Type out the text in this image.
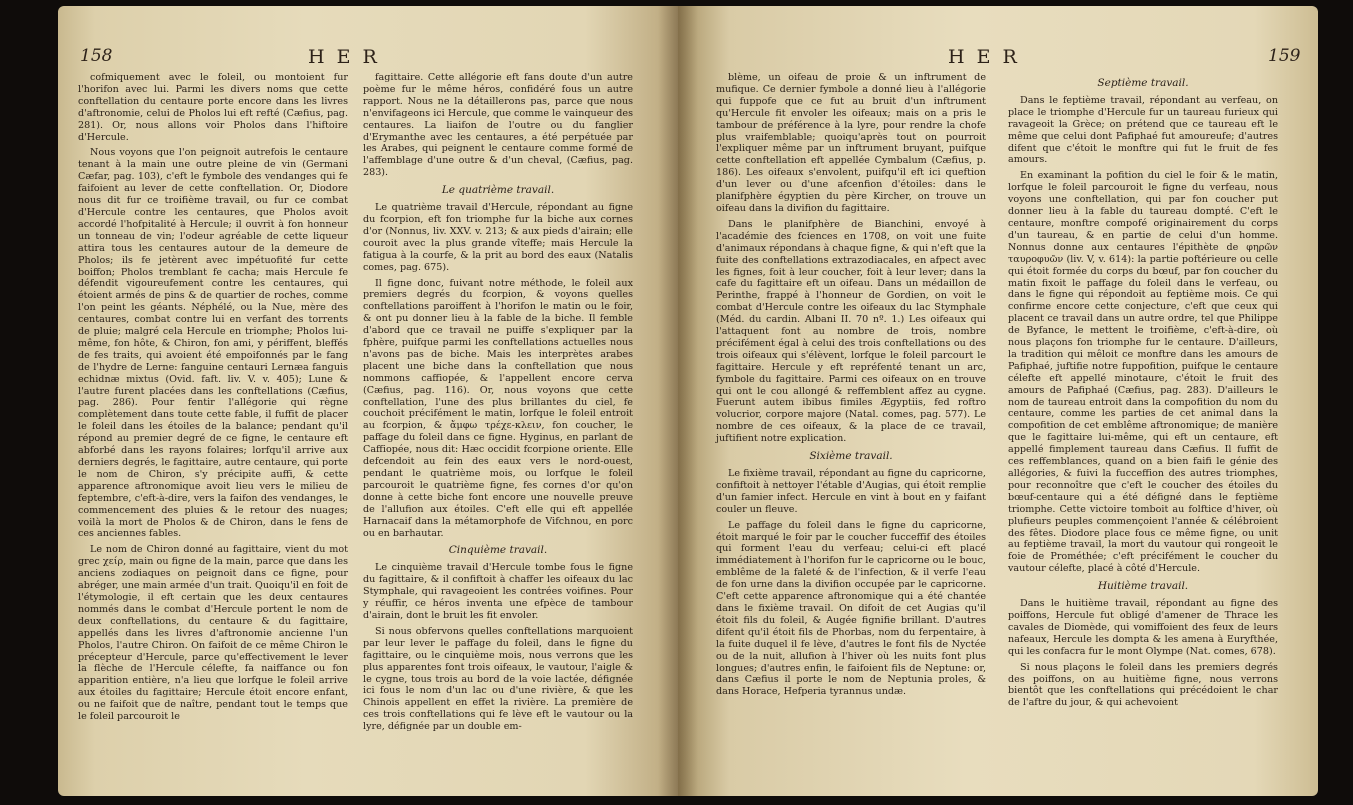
H E R
158

cofmiquement avec le foleil, ou montoient fur l'horifon avec lui. Parmi les divers noms que cette conftellation du centaure porte encore dans les livres d'aftronomie, celui de Pholos lui eft refté (Cæfius, pag. 281). Or, nous allons voir Pholos dans l'hiftoire d'Hercule.

Nous voyons que l'on peignoit autrefois le centaure tenant à la main une outre pleine de vin (Germani Cæfar, pag. 103), c'eft le fymbole des vendanges qui fe faifoient au lever de cette conftellation. Or, Diodore nous dit fur ce troifième travail, ou fur ce combat d'Hercule contre les centaures, que Pholos avoit accordé l'hofpitalité à Hercule; il ouvrit à fon honneur un tonneau de vin; l'odeur agréable de cette liqueur attira tous les centaures autour de la demeure de Pholos; ils fe jetèrent avec impétuofité fur cette boiffon; Pholos tremblant fe cacha; mais Hercule fe défendit vigoureufement contre les centaures, qui étoient armés de pins & de quartier de roches, comme l'on peint les géants. Néphélé, ou la Nue, mère des centaures, combat contre lui en verfant des torrents de pluie; malgré cela Hercule en triomphe; Pholos lui-même, fon hôte, & Chiron, fon ami, y périffent, bleffés de fes traits, qui avoient été empoifonnés par le fang de l'hydre de Lerne: fanguine centauri Lernæa fanguis echidnæ mixtus (Ovid. faft. liv. V. v. 405); Lune & l'autre furent placées dans les conftellations (Cæfius, pag. 286). Pour fentir l'allégorie qui règne complètement dans toute cette fable, il fuffit de placer le foleil dans les étoiles de la balance; pendant qu'il répond au premier degré de ce figne, le centaure eft abforbé dans les rayons folaires; lorfqu'il arrive aux derniers degrés, le fagittaire, autre centaure, qui porte le nom de Chiron, s'y précipite auffi, & cette apparence aftronomique avoit lieu vers le milieu de feptembre, c'eft-à-dire, vers la faifon des vendanges, le commencement des pluies & le retour des nuages; voilà la mort de Pholos & de Chiron, dans le fens de ces anciennes fables.

Le nom de Chiron donné au fagittaire, vient du mot grec χείρ, main ou figne de la main, parce que dans les anciens zodiaques on peignoit dans ce figne, pour abréger, une main armée d'un trait. Quoiqu'il en foit de l'étymologie, il eft certain que les deux centaures nommés dans le combat d'Hercule portent le nom de deux conftellations, du centaure & du fagittaire, appellés dans les livres d'aftronomie ancienne l'un Pholos, l'autre Chiron. On faifoit de ce même Chiron le précepteur d'Hercule, parce qu'effectivement le lever la flèche de l'Hercule célefte, fa naiffance ou fon apparition entière, n'a lieu que lorfque le foleil arrive aux étoiles du fagittaire; Hercule étoit encore enfant, ou ne faifoit que de naître, pendant tout le temps que le foleil parcouroit le

fagittaire. Cette allégorie eft fans doute d'un autre poème fur le même héros, confidéré fous un autre rapport. Nous ne la détaillerons pas, parce que nous n'envifageons ici Hercule, que comme le vainqueur des centaures. La liaifon de l'outre ou du fanglier d'Erymanthe avec les centaures, a été perpétuée par les Arabes, qui peignent le centaure comme formé de l'affemblage d'une outre & d'un cheval, (Cæfius, pag. 283).

Le quatrième travail.

Le quatrième travail d'Hercule, répondant au figne du fcorpion, eft fon triomphe fur la biche aux cornes d'or (Nonnus, liv. XXV. v. 213; & aux pieds d'airain; elle couroit avec la plus grande vîteffe; mais Hercule la fatigua à la courfe, & la prit au bord des eaux (Natalis comes, pag. 675).

Il figne donc, fuivant notre méthode, le foleil aux premiers degrés du fcorpion, & voyons quelles conftellations paroiffent à l'horifon le matin ou le foir, & ont pu donner lieu à la fable de la biche. Il femble d'abord que ce travail ne puiffe s'expliquer par la fphère, puifque parmi les conftellations actuelles nous n'avons pas de biche. Mais les interprètes arabes placent une biche dans la conftellation que nous nommons caffiopée, & l'appellent encore cerva (Cæfius, pag. 116). Or, nous voyons que cette conftellation, l'une des plus brillantes du ciel, fe couchoit précifément le matin, lorfque le foleil entroit au fcorpion, & ἄμφω τρέχε-κλειν, fon coucher, le paffage du foleil dans ce figne. Hyginus, en parlant de Caffiopée, nous dit: Hæc occidit fcorpione oriente. Elle defcendoit au fein des eaux vers le nord-ouest, pendant le quatrième mois, ou lorfque le foleil parcouroit le quatrième figne, fes cornes d'or qu'on donne à cette biche font encore une nouvelle preuve de l'allufion aux étoiles. C'eft elle qui eft appellée Harnacaif dans la métamorphofe de Vifchnou, en porc ou en barhautar.

Cinquième travail.

Le cinquième travail d'Hercule tombe fous le figne du fagittaire, & il confiftoit à chaffer les oifeaux du lac Stymphale, qui ravageoient les contrées voifines. Pour y réuffir, ce héros inventa une efpèce de tambour d'airain, dont le bruit les fit envoler.

Si nous obfervons quelles conftellations marquoient par leur lever le paffage du foleil, dans le figne du fagittaire, ou le cinquième mois, nous verrons que les plus apparentes font trois oifeaux, le vautour, l'aigle & le cygne, tous trois au bord de la voie lactée, défignée ici fous le nom d'un lac ou d'une rivière, & que les Chinois appellent en effet la rivière. La première de ces trois conftellations qui fe lève eft le vautour ou la lyre, défignée par un double em-

H E R	159

blème, un oifeau de proie & un inftrument de mufique. Ce dernier fymbole a donné lieu à l'allégorie qui fuppofe que ce fut au bruit d'un inftrument qu'Hercule fit envoler les oifeaux; mais on a pris le tambour de préférence à la lyre, pour rendre la chofe plus vraifemblable; quoiqu'après tout on pourroit l'expliquer même par un inftrument bruyant, puifque cette conftellation eft appellée Cymbalum (Cæfius, p. 186). Les oifeaux s'envolent, puifqu'il eft ici queftion d'un lever ou d'une afcenfion d'étoiles: dans le planifphère égyptien du père Kircher, on trouve un oifeau dans la divifion du fagittaire.

Dans le planifphère de Bianchini, envoyé à l'académie des fciences en 1708, on voit une fuite d'animaux répondans à chaque figne, & qui n'eft que la fuite des conftellations extrazodiacales, en afpect avec les fignes, foit à leur coucher, foit à leur lever; dans la cafe du fagittaire eft un oifeau. Dans un médaillon de Perinthe, frappé à l'honneur de Gordien, on voit le combat d'Hercule contre les oifeaux du lac Stymphale (Méd. du cardin. Albani II. 70 nº. 1.) Les oifeaux qui l'attaquent font au nombre de trois, nombre précifément égal à celui des trois conftellations ou des trois oifeaux qui s'élèvent, lorfque le foleil parcourt le fagittaire. Hercule y eft repréfenté tenant un arc, fymbole du fagittaire. Parmi ces oifeaux on en trouve qui ont le cou allongé & reffemblent affez au cygne. Fuerunt autem ibibus fimiles Ægyptiis, fed roftro volucrior, corpore majore (Natal. comes, pag. 577). Le nombre de ces oifeaux, & la place de ce travail, juftifient notre explication.

Sixième travail.

Le fixième travail, répondant au figne du capricorne, confiftoit à nettoyer l'étable d'Augias, qui étoit remplie d'un famier infect. Hercule en vint à bout en y faifant couler un fleuve.

Le paffage du foleil dans le figne du capricorne, étoit marqué le foir par le coucher fucceffif des étoiles qui forment l'eau du verfeau; celui-ci eft placé immédiatement à l'horifon fur le capricorne ou le bouc, emblême de la faleté & de l'infection, & il verfe l'eau de fon urne dans la divifion occupée par le capricorne. C'eft cette apparence aftronomique qui a été chantée dans le fixième travail. On difoit de cet Augias qu'il étoit fils du foleil, & Augée fignifie brillant. D'autres difent qu'il étoit fils de Phorbas, nom du ferpentaire, à la fuite duquel il fe lève, d'autres le font fils de Nyctée ou de la nuit, allufion à l'hiver où les nuits font plus longues; d'autres enfin, le faifoient fils de Neptune: or, dans Cæfius il porte le nom de Neptunia proles, & dans Horace, Hefperia tyrannus undæ.

Septième travail.

Dans le feptième travail, répondant au verfeau, on place le triomphe d'Hercule fur un taureau furieux qui ravageoit la Grèce; on prétend que ce taureau eft le même que celui dont Pafiphaé fut amoureufe; d'autres difent que c'étoit le monftre qui fut le fruit de fes amours.

En examinant la pofition du ciel le foir & le matin, lorfque le foleil parcouroit le figne du verfeau, nous voyons une conftellation, qui par fon coucher put donner lieu à la fable du taureau dompté. C'eft le centaure, monftre compofé originairement du corps d'un taureau, & en partie de celui d'un homme. Nonnus donne aux centaures l'épithète de φηρῶν ταυροφυῶν (liv. V, v. 614): la partie poftérieure ou celle qui étoit formée du corps du bœuf, par fon coucher du matin fixoit le paffage du foleil dans le verfeau, ou dans le figne qui répondoit au feptième mois. Ce qui confirme encore cette conjecture, c'eft que ceux qui placent ce travail dans un autre ordre, tel que Philippe de Byfance, le mettent le troifième, c'eft-à-dire, où nous plaçons fon triomphe fur le centaure. D'ailleurs, la tradition qui mêloit ce monftre dans les amours de Pafiphaé, juftifie notre fuppofition, puifque le centaure célefte eft appellé minotaure, c'étoit le fruit des amours de Pafiphaé (Cæfius, pag. 283). D'ailleurs le nom de taureau entroit dans la compofition du nom du centaure, comme les parties de cet animal dans la compofition de cet emblême aftronomique; de manière que le fagittaire lui-même, qui eft un centaure, eft appellé fimplement taureau dans Cæfius. Il fuffit de ces reffemblances, quand on a bien faifi le génie des allégories, & fuivi la fucceffion des autres triomphes, pour reconnoître que c'eft le coucher des étoiles du bœuf-centaure qui a été défigné dans le feptième triomphe. Cette victoire tomboit au folftice d'hiver, où plufieurs peuples commençoient l'année & célébroient des fêtes. Diodore place fous ce même figne, ou unit au feptième travail, la mort du vautour qui rongeoit le foie de Prométhée; c'eft précifément le coucher du vautour célefte, placé à côté d'Hercule.

Huitième travail.

Dans le huitième travail, répondant au figne des poiffons, Hercule fut obligé d'amener de Thrace les cavales de Diomède, qui vomiffoient des feux de leurs nafeaux, Hercule les dompta & les amena à Euryfthée, qui les confacra fur le mont Olympe (Nat. comes, 678).

Si nous plaçons le foleil dans les premiers degrés des poiffons, on au huitième figne, nous verrons bientôt que les conftellations qui précédoient le char de l'aftre du jour, & qui achevoient
